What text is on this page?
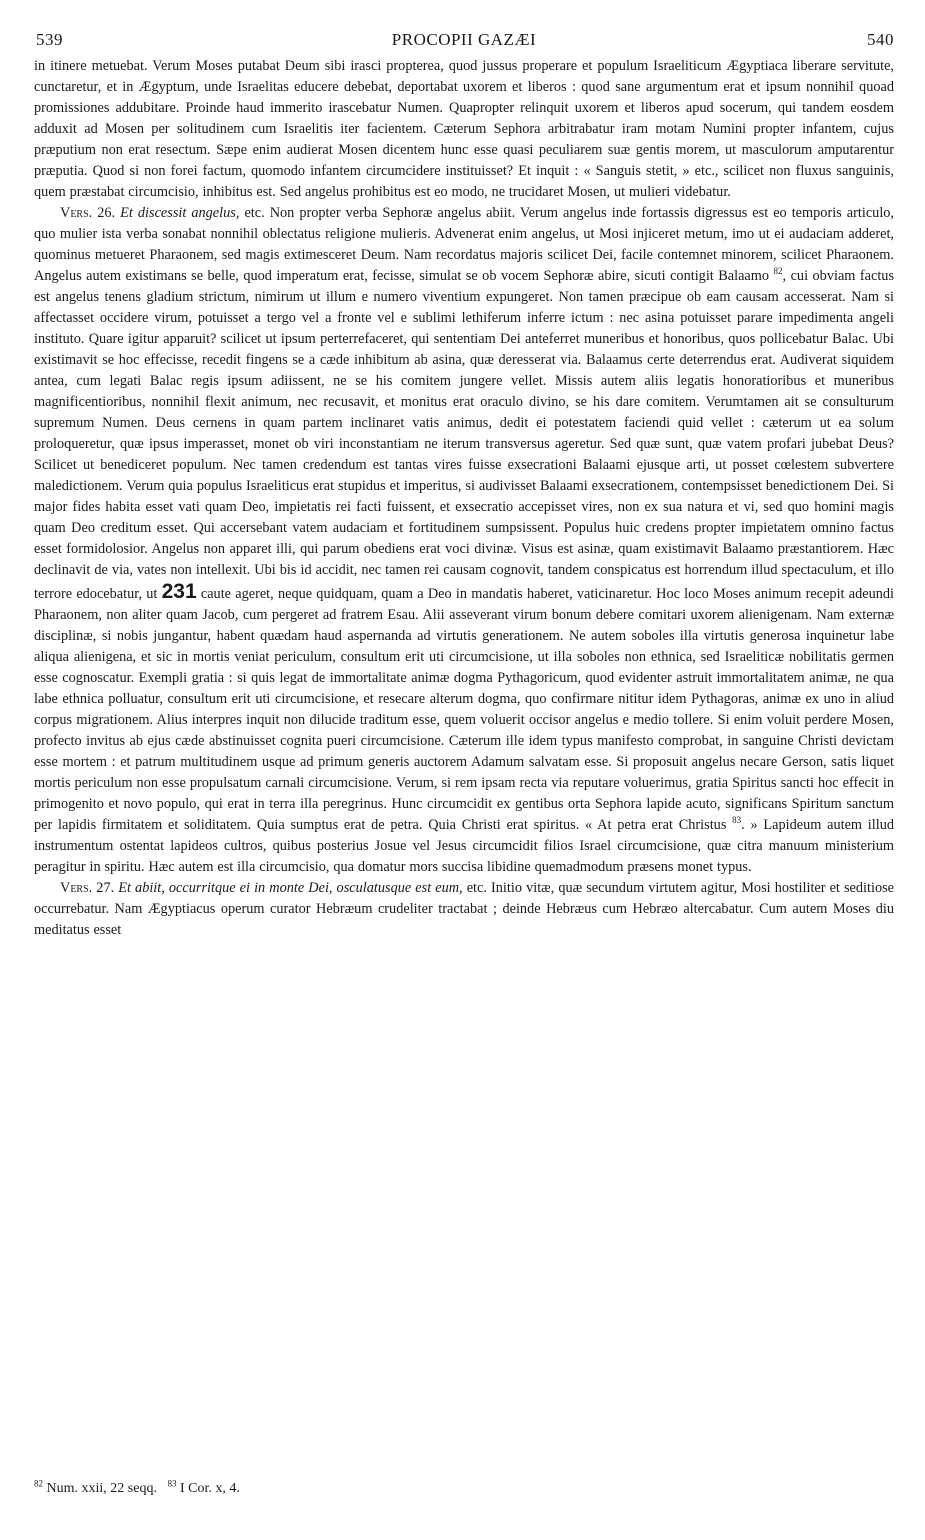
539	PROCOPII GAZÆI	540

in itinere metuebat. Verum Moses putabat Deum sibi irasci propterea, quod jussus properare et populum Israeliticum Ægyptiaca liberare servitute, cunctaretur, et in Ægyptum, unde Israelitas educere debebat, deportabat uxorem et liberos : quod sane argumentum erat et ipsum nonnihil quoad promissiones addubitare. Proinde haud immerito irascebatur Numen. Quapropter relinquit uxorem et liberos apud socerum, qui tandem eosdem adduxit ad Mosen per solitudinem cum Israelitis iter facientem. Cæterum Sephora arbitrabatur iram motam Numini propter infantem, cujus præputium non erat resectum. Sæpe enim audierat Mosen dicentem hunc esse quasi peculiarem suæ gentis morem, ut masculorum amputarentur præputia. Quod si non forei factum, quomodo infantem circumcidere instituisset? Et inquit : « Sanguis stetit, » etc., scilicet non fluxus sanguinis, quem præstabat circumcisio, inhibitus est. Sed angelus prohibitus est eo modo, ne trucidaret Mosen, ut mulieri videbatur.

Vers. 26. Et discessit angelus, etc. Non propter verba Sephoræ angelus abiit. Verum angelus inde fortassis digressus est eo temporis articulo, quo mulier ista verba sonabat nonnihil oblectatus religione mulieris. Advenerat enim angelus, ut Mosi injiceret metum, imo ut ei audaciam adderet, quominus metueret Pharaonem, sed magis extimesceret Deum. Nam recordatus majoris scilicet Dei, facile contemnet minorem, scilicet Pharaonem. Angelus autem existimans se belle, quod imperatum erat, fecisse, simulat se ob vocem Sephoræ abire, sicuti contigit Balaamo $^{82}$, cui obviam factus est angelus tenens gladium strictum, nimirum ut illum e numero viventium expungeret. Non tamen præcipue ob eam causam accesserat. Nam si affectasset occidere virum, potuisset a tergo vel a fronte vel e sublimi lethiferum inferre ictum : nec asina potuisset parare impedimenta angeli instituto. Quare igitur apparuit? scilicet ut ipsum perterrefaceret, qui sententiam Dei anteferret muneribus et honoribus, quos pollicebatur Balac. Ubi existimavit se hoc effecisse, recedit fingens se a cæde inhibitum ab asina, quæ deresserat via. Balaamus certe deterrendus erat. Audiverat siquidem antea, cum legati Balac regis ipsum adiissent, ne se his comitem jungere vellet. Missis autem aliis legatis honoratioribus et muneribus magnificentioribus, nonnihil flexit animum, nec recusavit, et monitus erat oraculo divino, se his dare comitem. Verumtamen ait se consulturum supremum Numen. Deus cernens in quam partem inclinaret vatis animus, dedit ei potestatem faciendi quid vellet : cæterum ut ea solum proloqueretur, quæ ipsus imperasset, monet ob viri inconstantiam ne iterum transversus ageretur. Sed quæ sunt, quæ vatem profari jubebat Deus? Scilicet ut benediceret populum. Nec tamen credendum est tantas vires fuisse exsecrationi Balaami ejusque arti, ut posset cœlestem subvertere maledictionem. Verum quia populus Israeliticus erat stupidus et imperitus, si audivisset Balaami exsecrationem, contempsisset benedictionem Dei. Si major fides habita esset vati quam Deo, impietatis rei facti fuissent, et exsecratio accepisset vires, non ex sua natura et vi, sed quo homini magis quam Deo creditum esset. Qui accersebant vatem audaciam et fortitudinem sumpsissent. Populus huic credens propter impietatem omnino factus esset formidolosior. Angelus non apparet illi, qui parum obediens erat voci divinæ. Visus est asinæ, quam existimavit Balaamo præstantiorem. Hæc declinavit de via, vates non intellexit. Ubi bis id accidit, nec tamen rei causam cognovit, tandem conspicatus est horrendum illud spectaculum, et illo terrore edocebatur, ut 231 caute ageret, neque quidquam, quam a Deo in mandatis haberet, vaticinaretur. Hoc loco Moses animum recepit adeundi Pharaonem, non aliter quam Jacob, cum pergeret ad fratrem Esau. Alii asseverant virum bonum debere comitari uxorem alienigenam. Nam externæ disciplinæ, si nobis jungantur, habent quædam haud aspernanda ad virtutis generationem. Ne autem soboles illa virtutis generosa inquinetur labe aliqua alienigena, et sic in mortis veniat periculum, consultum erit uti circumcisione, ut illa soboles non ethnica, sed Israeliticæ nobilitatis germen esse cognoscatur. Exempli gratia : si quis legat de immortalitate animæ dogma Pythagoricum, quod evidenter astruit immortalitatem animæ, ne qua labe ethnica polluatur, consultum erit uti circumcisione, et resecare alterum dogma, quo confirmare nititur idem Pythagoras, animæ ex uno in aliud corpus migrationem. Alius interpres inquit non dilucide traditum esse, quem voluerit occisor angelus e medio tollere. Si enim voluit perdere Mosen, profecto invitus ab ejus cæde abstinuisset cognita pueri circumcisione. Cæterum ille idem typus manifesto comprobat, in sanguine Christi devictam esse mortem : et patrum multitudinem usque ad primum generis auctorem Adamum salvatam esse. Si proposuit angelus necare Gerson, satis liquet mortis periculum non esse propulsatum carnali circumcisione. Verum, si rem ipsam recta via reputare voluerimus, gratia Spiritus sancti hoc effecit in primogenito et novo populo, qui erat in terra illa peregrinus. Hunc circumcidit ex gentibus orta Sephora lapide acuto, significans Spiritum sanctum per lapidis firmitatem et soliditatem. Quia sumptus erat de petra. Quia Christi erat spiritus. « At petra erat Christus $^{83}$. » Lapideum autem illud instrumentum ostentat lapideos cultros, quibus posterius Josue vel Jesus circumcidit filios Israel circumcisione, quæ citra manuum ministerium peragitur in spiritu. Hæc autem est illa circumcisio, qua domatur mors succisa libidine quemadmodum præsens monet typus.

Vers. 27. Et abiit, occurritque ei in monte Dei, osculatusque est eum, etc. Initio vitæ, quæ secundum virtutem agitur, Mosi hostiliter et seditiose occurrebatur. Nam Ægyptiacus operum curator Hebræum crudeliter tractabat ; deinde Hebræus cum Hebræo altercabatur. Cum autem Moses diu meditatus esset

$^{82}$ Num. xxii, 22 seqq. $^{83}$ I Cor. x, 4.
